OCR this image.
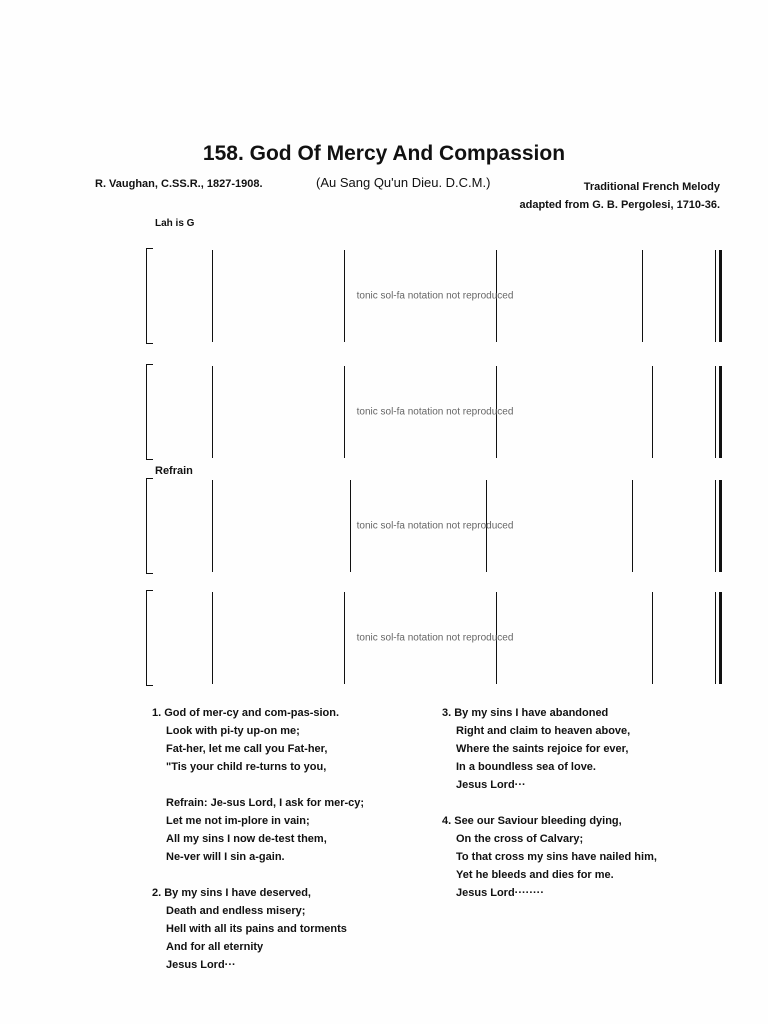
158. God Of Mercy And Compassion
R. Vaughan, C.SS.R., 1827-1908.	(Au Sang Qu'un Dieu. D.C.M.)	Traditional French Melody
adapted from G. B. Pergolesi, 1710-36.
Lah is G
tonic sol-fa notation not reproduced
tonic sol-fa notation not reproduced
Refrain
tonic sol-fa notation not reproduced
tonic sol-fa notation not reproduced

1. God of mer-cy and com-pas-sion.
Look with pi-ty up-on me;
Fat-her, let me call you Fat-her,
"Tis your child re-turns to you,

Refrain: Je-sus Lord, I ask for mer-cy;
Let me not im-plore in vain;
All my sins I now de-test them,
Ne-ver will I sin a-gain.

2. By my sins I have deserved,
Death and endless misery;
Hell with all its pains and torments
And for all eternity
Jesus Lord···

3. By my sins I have abandoned
Right and claim to heaven above,
Where the saints rejoice for ever,
In a boundless sea of love.
Jesus Lord···

4. See our Saviour bleeding dying,
On the cross of Calvary;
To that cross my sins have nailed him,
Yet he bleeds and dies for me.
Jesus Lord········
